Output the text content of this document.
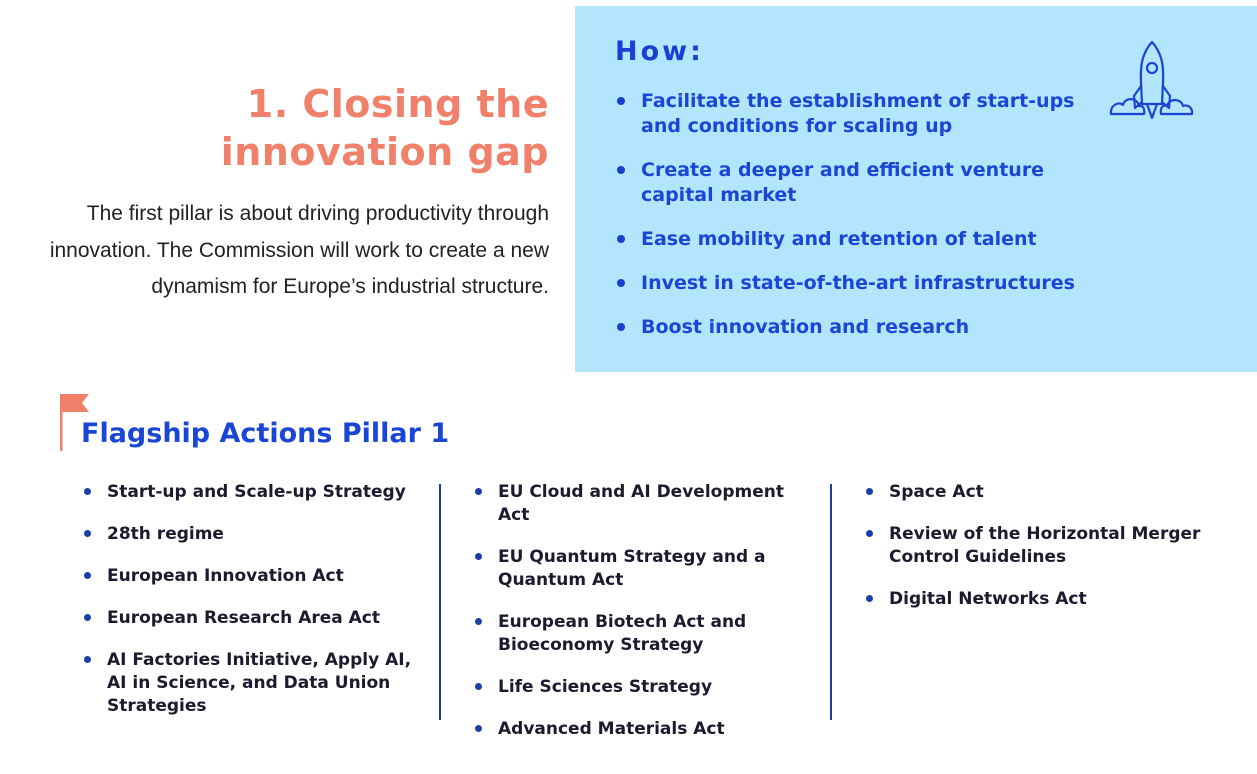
1. Closing the
innovation gap

The first pillar is about driving productivity through innovation. The Commission will work to create a new dynamism for Europe’s industrial structure.

How:
Facilitate the establishment of start-ups and conditions for scaling up
Create a deeper and efficient venture capital market
Ease mobility and retention of talent
Invest in state-of-the-art infrastructures
Boost innovation and research
Flagship Actions Pillar 1
Start-up and Scale-up Strategy
28th regime
European Innovation Act
European Research Area Act
AI Factories Initiative, Apply AI, AI in Science, and Data Union Strategies
EU Cloud and AI Development Act
EU Quantum Strategy and a Quantum Act
European Biotech Act and Bioeconomy Strategy
Life Sciences Strategy
Advanced Materials Act
Space Act
Review of the Horizontal Merger Control Guidelines
Digital Networks Act
